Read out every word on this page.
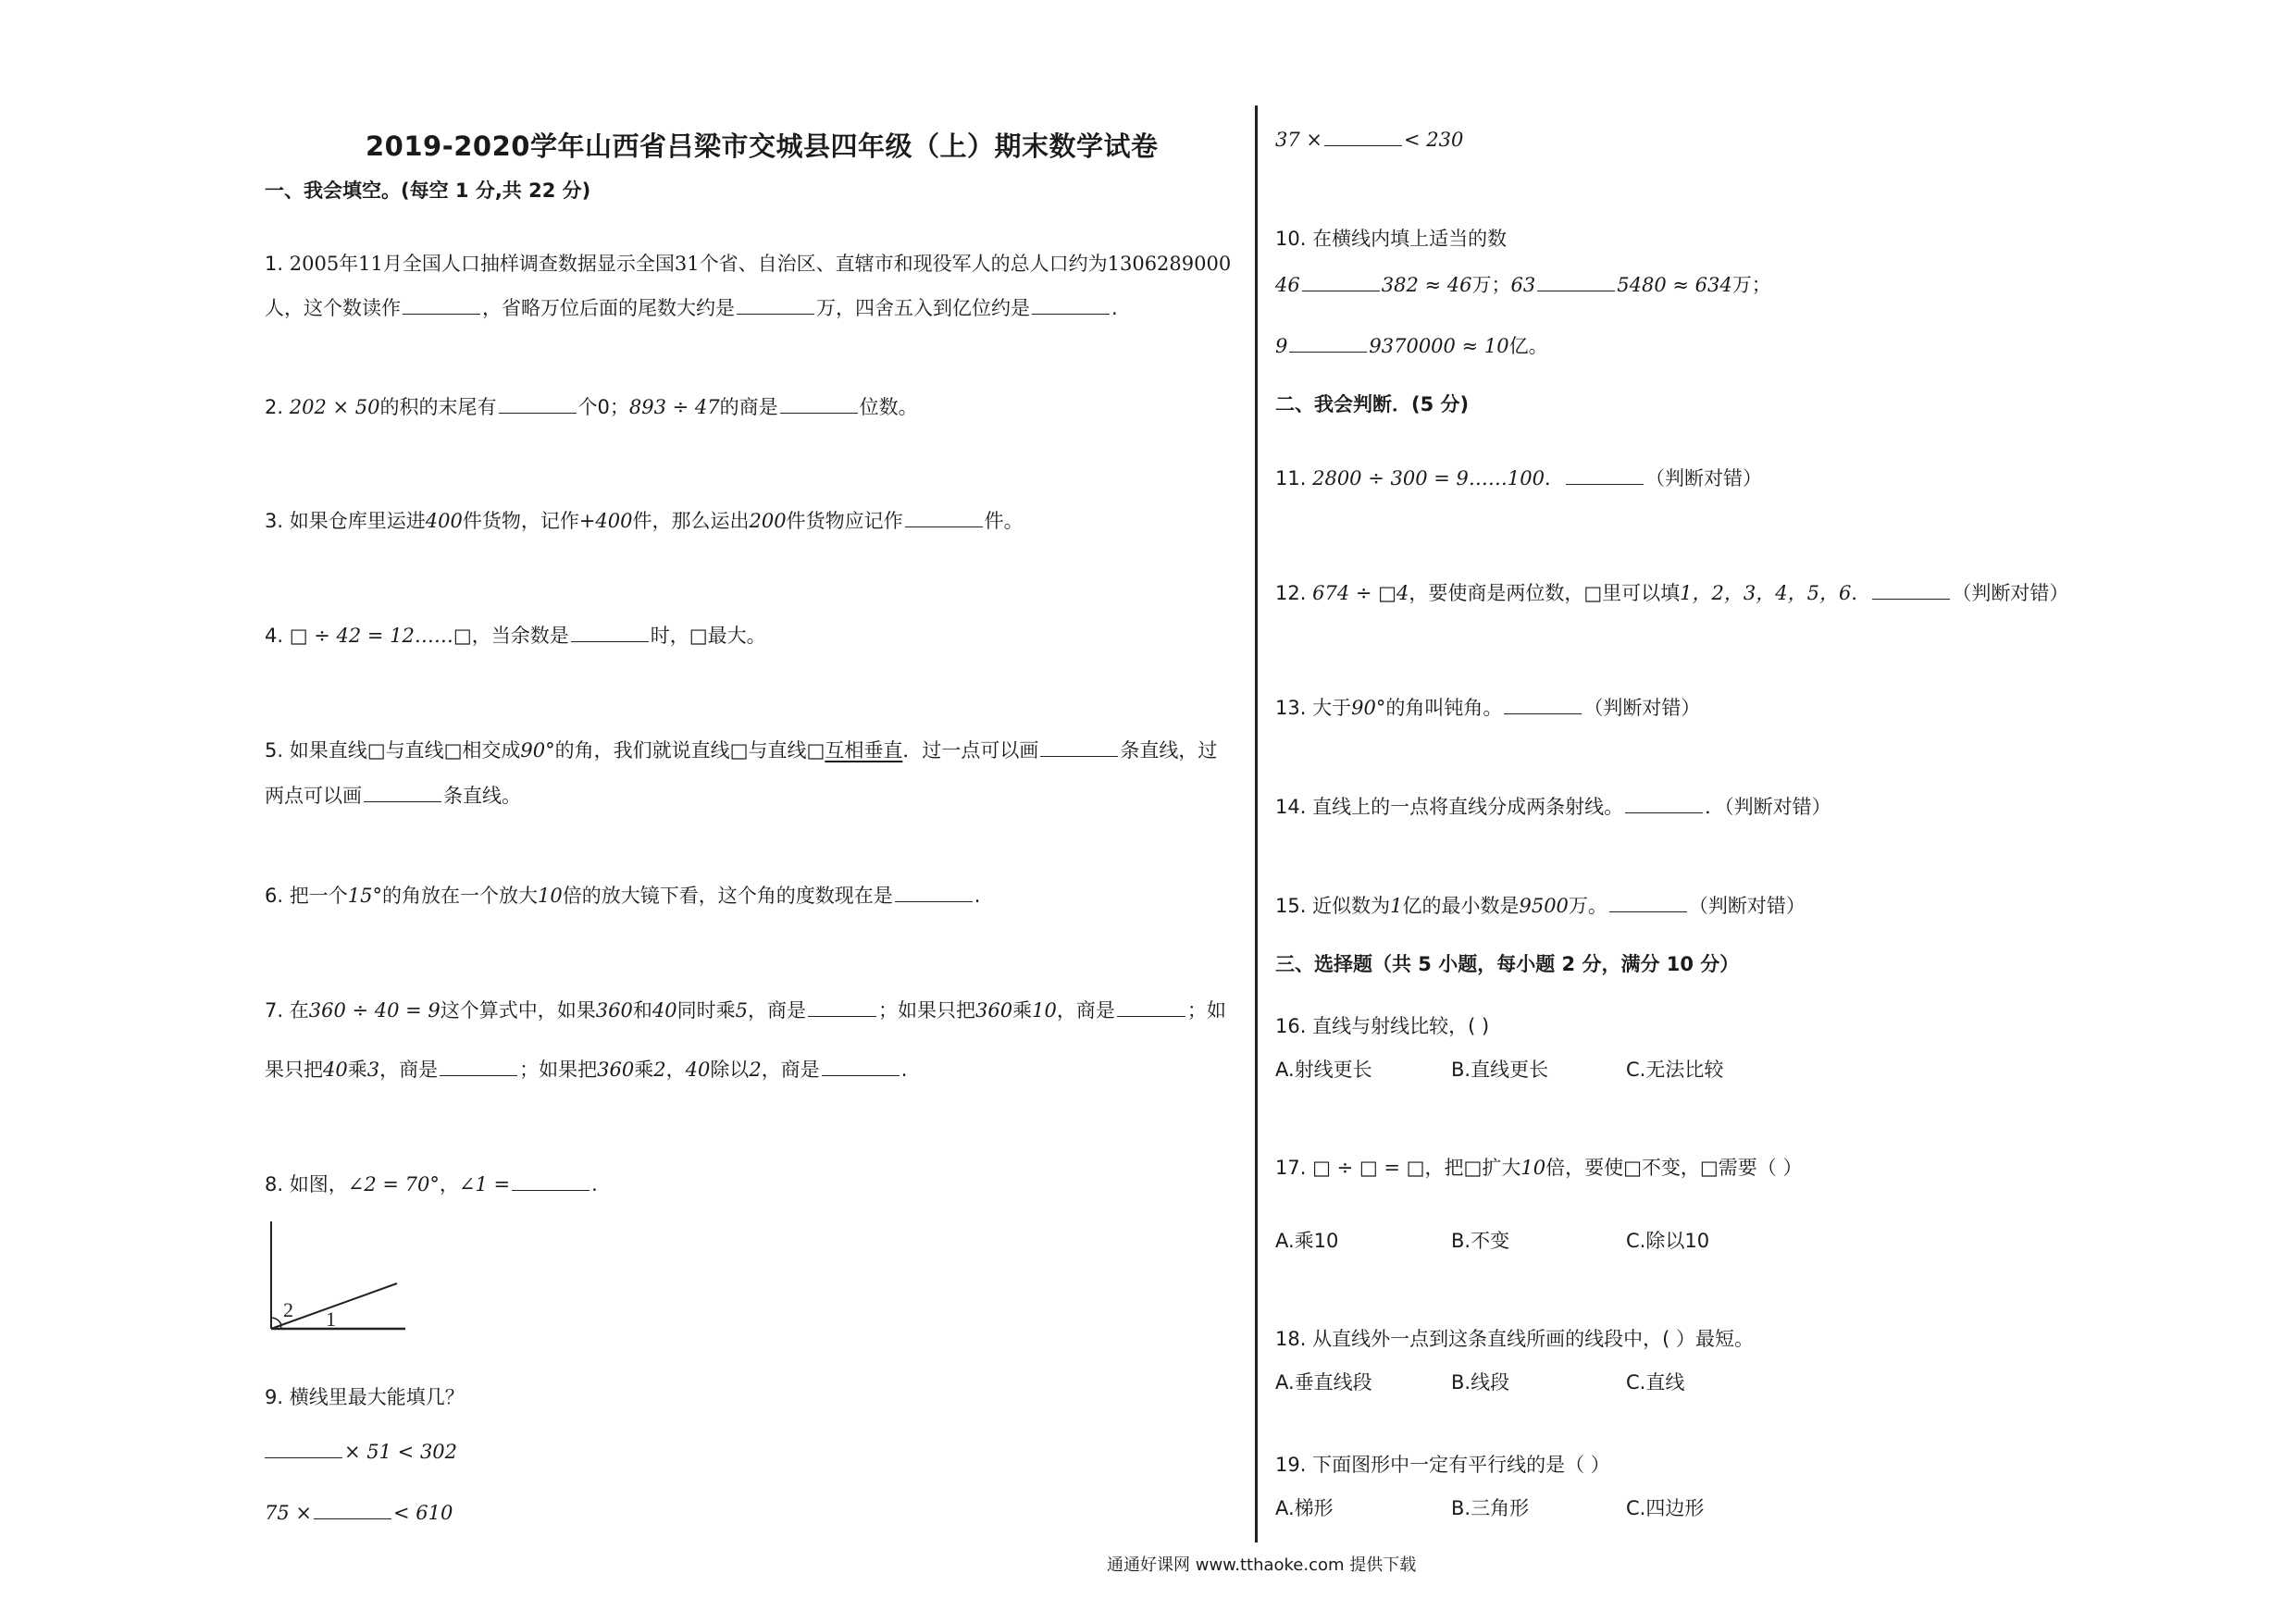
2019-2020学年山西省吕梁市交城县四年级（上）期末数学试卷
一、我会填空。(每空 1 分,共 22 分)
1. 2005年11月全国人口抽样调查数据显示全国31个省、自治区、直辖市和现役军人的总人口约为1306289000
人，这个数读作	，省略万位后面的尾数大约是	万，四舍五入到亿位约是	.
2. 202 × 50的积的末尾有	个0；893 ÷ 47的商是	位数。
3. 如果仓库里运进400件货物，记作+400件，那么运出200件货物应记作	件。
4. □ ÷ 42 = 12……□，当余数是	时，□最大。
5. 如果直线□与直线□相交成90°的角，我们就说直线□与直线□互相垂直．过一点可以画	条直线，过
两点可以画	条直线。
6. 把一个15°的角放在一个放大10倍的放大镜下看，这个角的度数现在是	.
7. 在360 ÷ 40 = 9这个算式中，如果360和40同时乘5，商是	；如果只把360乘10，商是	；如
果只把40乘3，商是	；如果把360乘2，40除以2，商是	.
8. 如图，∠2 = 70°，∠1 =	.
2 1
9. 横线里最大能填几？
× 51 < 302
75 ×	< 610
37 ×	< 230
10. 在横线内填上适当的数
46	382 ≈ 46万；63	5480 ≈ 634万；
9	9370000 ≈ 10亿。
二、我会判断．(5 分)
11. 2800 ÷ 300 = 9……100．	（判断对错）
12. 674 ÷ □4，要使商是两位数，□里可以填1，2，3，4，5，6．	（判断对错）
13. 大于90°的角叫钝角。	（判断对错）
14. 直线上的一点将直线分成两条射线。	．（判断对错）
15. 近似数为1亿的最小数是9500万。	（判断对错）
三、选择题（共 5 小题，每小题 2 分，满分 10 分）
16. 直线与射线比较，( )
A.射线更长	B.直线更长	C.无法比较
17. □ ÷ □ = □，把□扩大10倍，要使□不变，□需要（ ）
A.乘10	B.不变	C.除以10
18. 从直线外一点到这条直线所画的线段中，( ）最短。
A.垂直线段	B.线段	C.直线
19. 下面图形中一定有平行线的是（ ）
A.梯形	B.三角形	C.四边形
通通好课网 www.tthaoke.com 提供下载
